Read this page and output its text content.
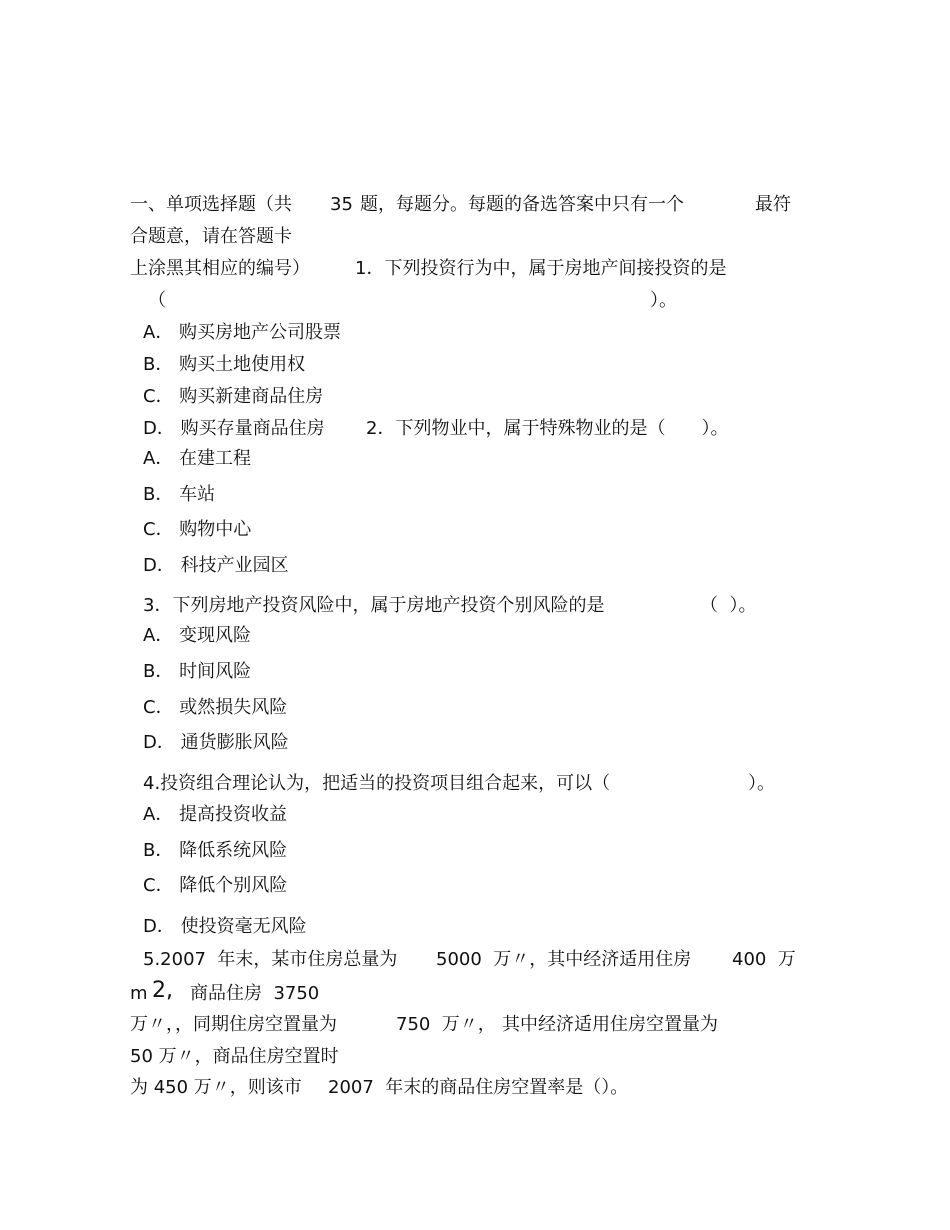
一、单项选择题（共 35 题，每题分。每题的备选答案中只有一个	最符
合题意，请在答题卡
上涂黑其相应的编号）	1．下列投资行为中，属于房地产间接投资的是
（	）。
A． 购买房地产公司股票
B． 购买土地使用权
C． 购买新建商品住房
D． 购买存量商品住房 2．下列物业中，属于特殊物业的是（　　）。
A． 在建工程
B． 车站
C． 购物中心
D． 科技产业园区
3．下列房地产投资风险中，属于房地产投资个别风险的是	（  ）。
A． 变现风险
B． 时间风险
C． 或然损失风险
D． 通货膨胀风险
4.投资组合理论认为，把适当的投资项目组合起来，可以（	）。
A． 提高投资收益
B． 降低系统风险
C． 降低个别风险
D． 使投资毫无风险
5.2007  年末，某市住房总量为 5000  万〃，其中经济适用住房 400  万
m 2, 商品住房  3750
万〃，，同期住房空置量为	750  万〃， 其中经济适用住房空置量为
50 万〃，商品住房空置时
为 450 万〃，则该市 2007  年末的商品住房空置率是（）。
